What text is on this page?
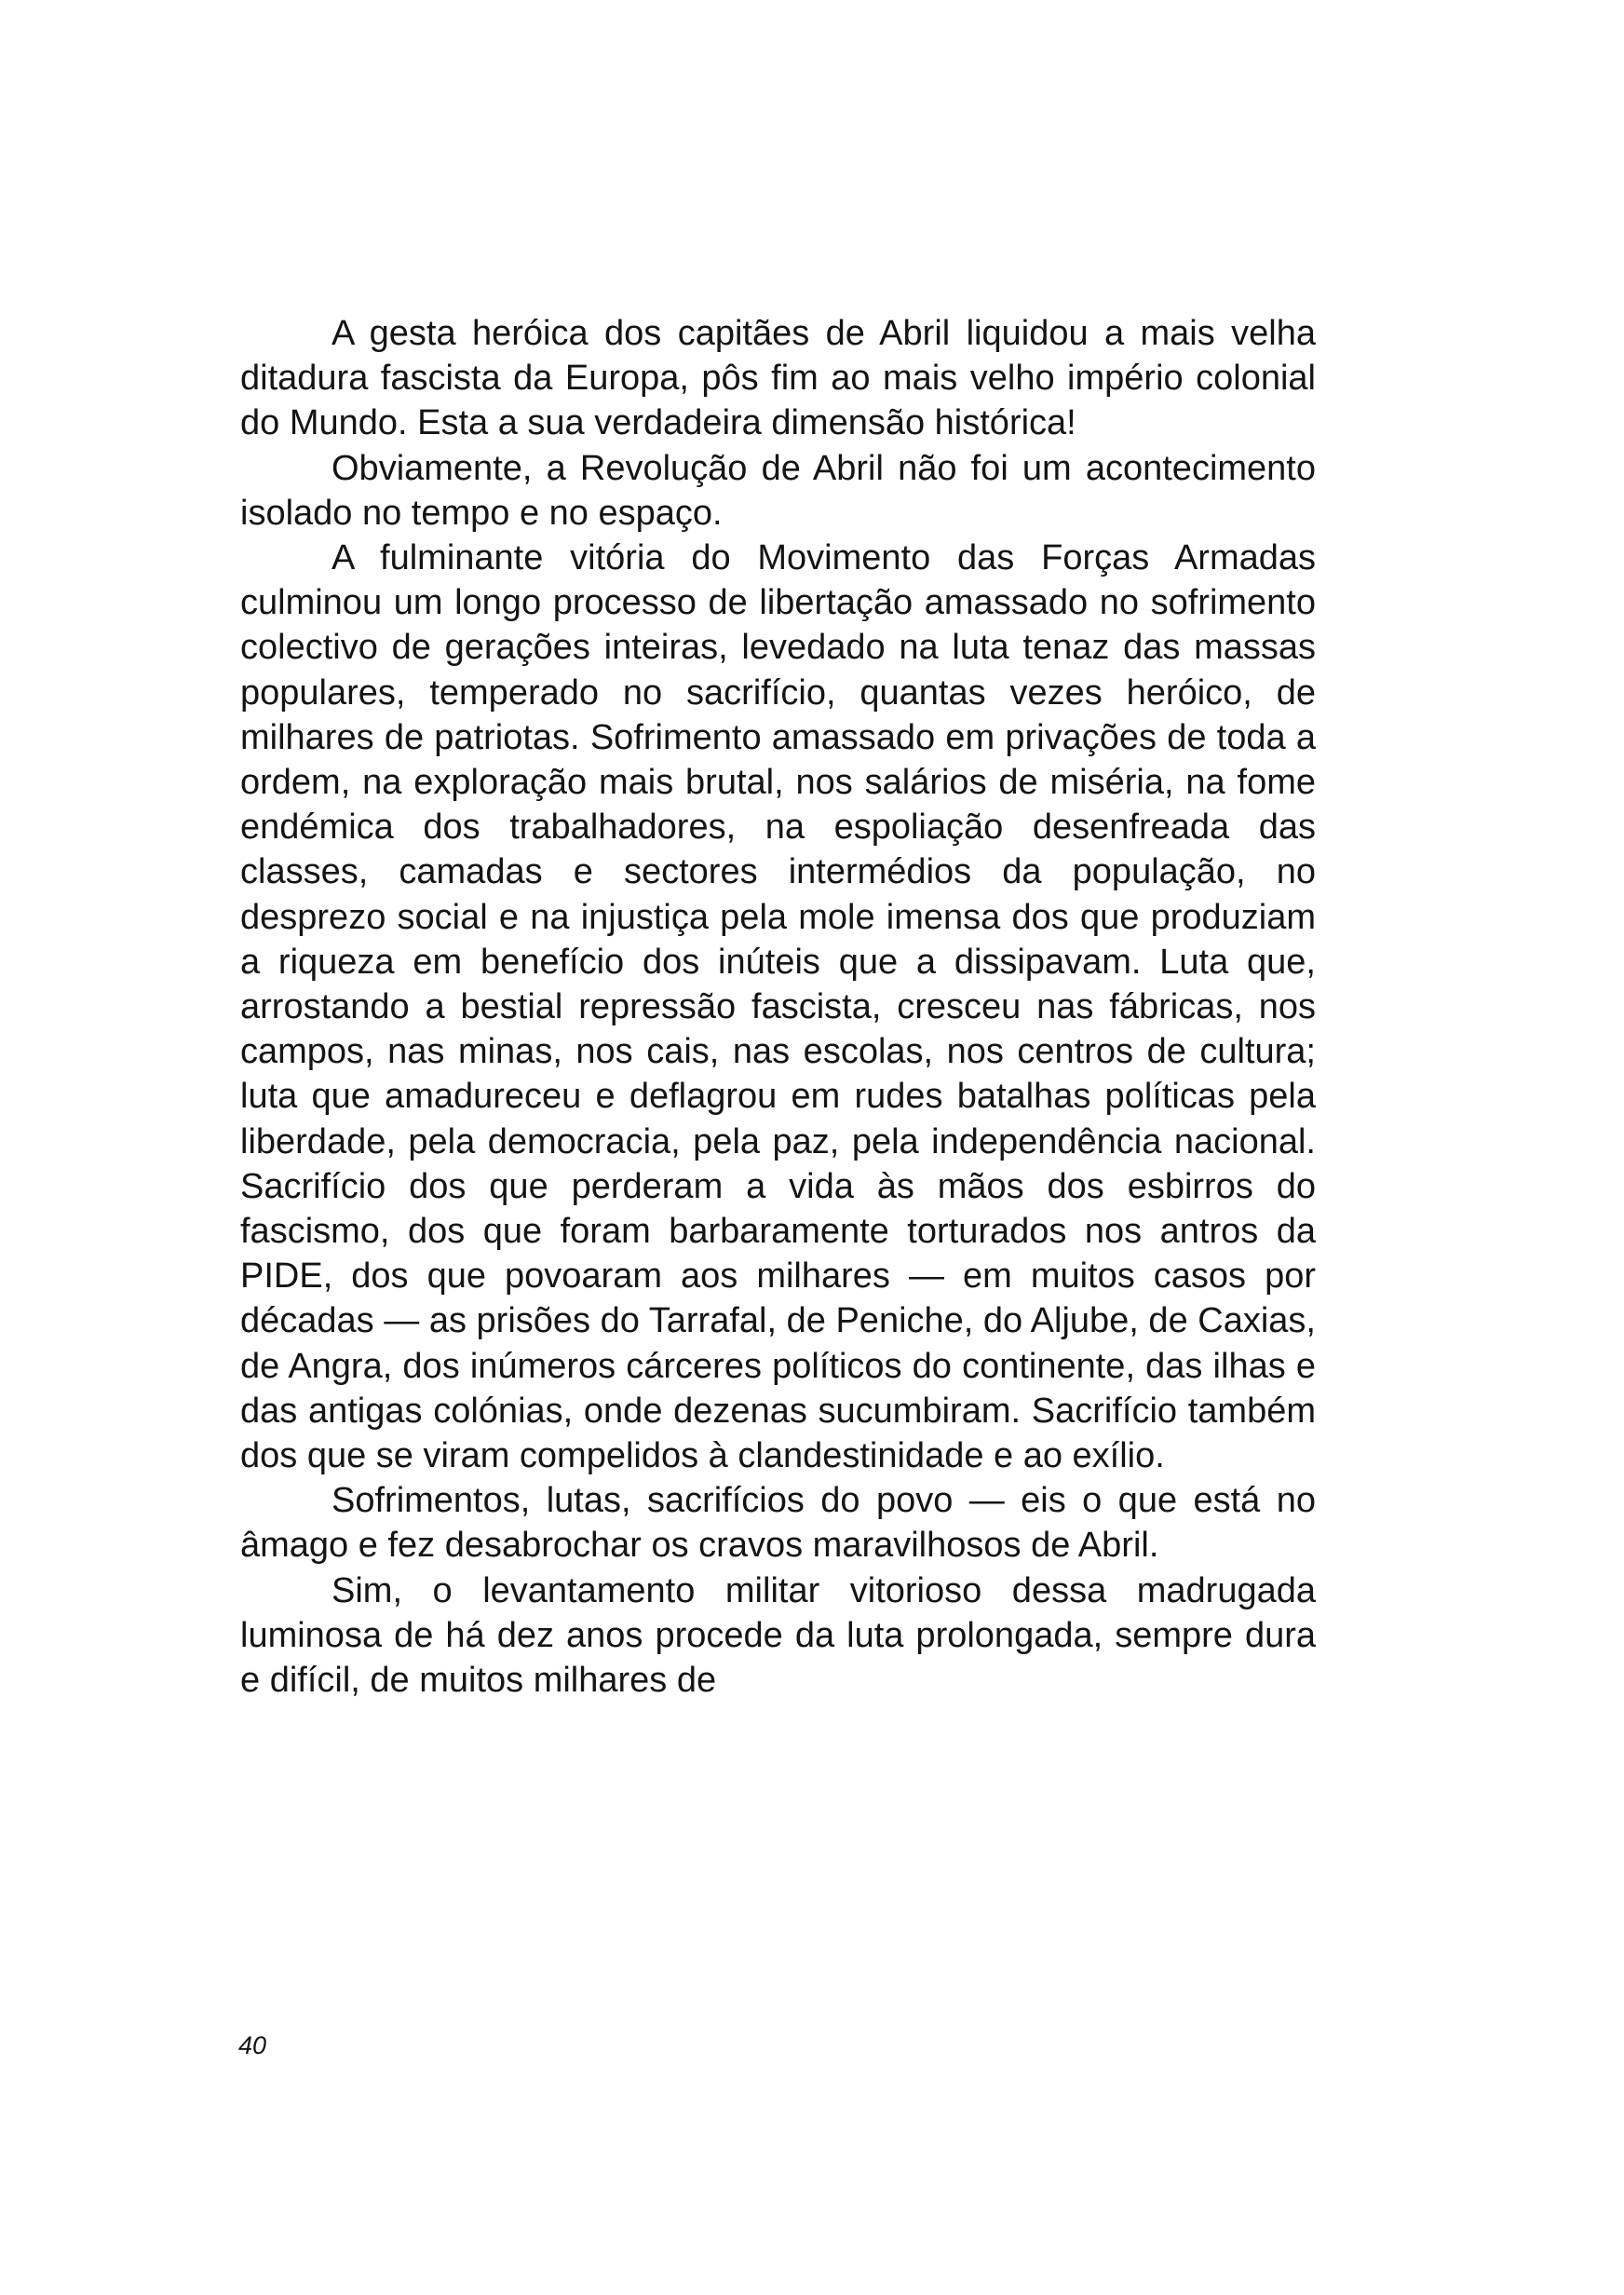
A gesta heróica dos capitães de Abril liquidou a mais velha ditadura fascista da Europa, pôs fim ao mais velho império colonial do Mundo. Esta a sua verdadeira dimensão histórica!

Obviamente, a Revolução de Abril não foi um acontecimento isolado no tempo e no espaço.

A fulminante vitória do Movimento das Forças Armadas culminou um longo processo de libertação amassado no sofrimento colectivo de gerações inteiras, levedado na luta tenaz das massas populares, temperado no sacrifício, quantas vezes heróico, de milhares de patriotas. Sofrimento amassado em privações de toda a ordem, na exploração mais brutal, nos salários de miséria, na fome endémica dos trabalhadores, na espoliação desenfreada das classes, camadas e sectores intermédios da população, no desprezo social e na injustiça pela mole imensa dos que produziam a riqueza em benefício dos inúteis que a dissipavam. Luta que, arrostando a bestial repressão fascista, cresceu nas fábricas, nos campos, nas minas, nos cais, nas escolas, nos centros de cultura; luta que amadureceu e deflagrou em rudes batalhas políticas pela liberdade, pela democracia, pela paz, pela independência nacional. Sacrifício dos que perderam a vida às mãos dos esbirros do fascismo, dos que foram barbaramente torturados nos antros da PIDE, dos que povoaram aos milhares — em muitos casos por décadas — as prisões do Tarrafal, de Peniche, do Aljube, de Caxias, de Angra, dos inúmeros cárceres políticos do continente, das ilhas e das antigas colónias, onde dezenas sucumbiram. Sacrifício também dos que se viram compelidos à clandestinidade e ao exílio.

Sofrimentos, lutas, sacrifícios do povo — eis o que está no âmago e fez desabrochar os cravos maravilhosos de Abril.

Sim, o levantamento militar vitorioso dessa madrugada luminosa de há dez anos procede da luta prolongada, sempre dura e difícil, de muitos milhares de

40
